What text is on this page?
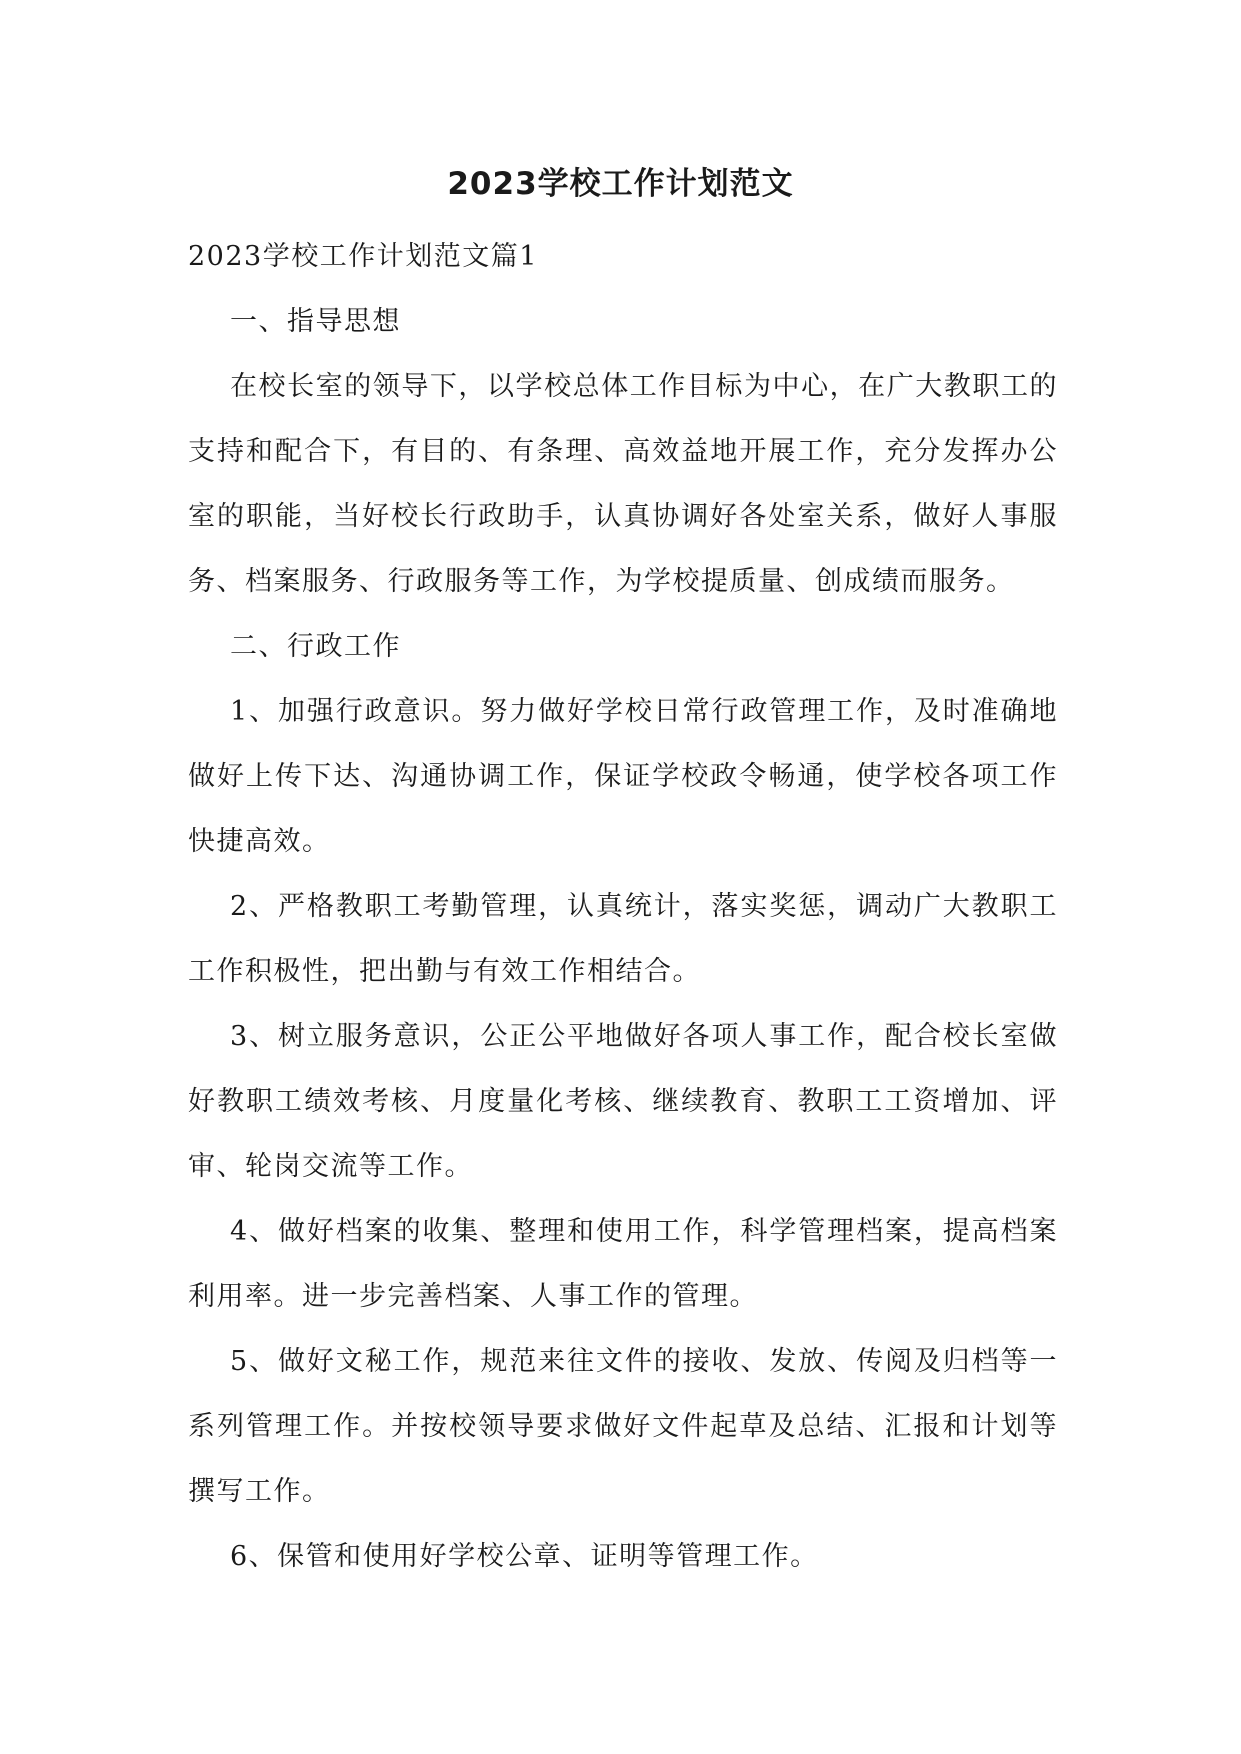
2023学校工作计划范文

2023学校工作计划范文篇1

一、指导思想

在校长室的领导下，以学校总体工作目标为中心，在广大教职工的支持和配合下，有目的、有条理、高效益地开展工作，充分发挥办公室的职能，当好校长行政助手，认真协调好各处室关系，做好人事服务、档案服务、行政服务等工作，为学校提质量、创成绩而服务。

二、行政工作

1、加强行政意识。努力做好学校日常行政管理工作，及时准确地做好上传下达、沟通协调工作，保证学校政令畅通，使学校各项工作快捷高效。

2、严格教职工考勤管理，认真统计，落实奖惩，调动广大教职工工作积极性，把出勤与有效工作相结合。

3、树立服务意识，公正公平地做好各项人事工作，配合校长室做好教职工绩效考核、月度量化考核、继续教育、教职工工资增加、评审、轮岗交流等工作。

4、做好档案的收集、整理和使用工作，科学管理档案，提高档案利用率。进一步完善档案、人事工作的管理。

5、做好文秘工作，规范来往文件的接收、发放、传阅及归档等一系列管理工作。并按校领导要求做好文件起草及总结、汇报和计划等撰写工作。

6、保管和使用好学校公章、证明等管理工作。
